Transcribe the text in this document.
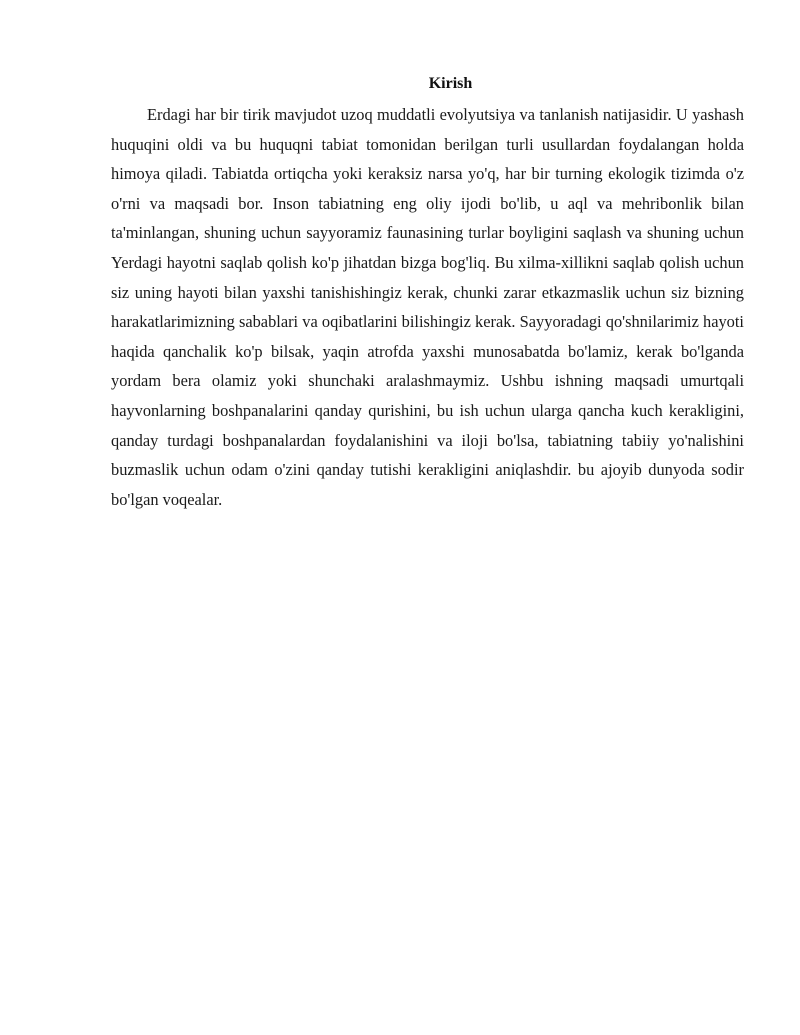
Kirish

Erdagi har bir tirik mavjudot uzoq muddatli evolyutsiya va tanlanish natijasidir. U yashash huquqini oldi va bu huquqni tabiat tomonidan berilgan turli usullardan foydalangan holda himoya qiladi. Tabiatda ortiqcha yoki keraksiz narsa yo'q, har bir turning ekologik tizimda o'z o'rni va maqsadi bor. Inson tabiatning eng oliy ijodi bo'lib, u aql va mehribonlik bilan ta'minlangan, shuning uchun sayyoramiz faunasining turlar boyligini saqlash va shuning uchun Yerdagi hayotni saqlab qolish ko'p jihatdan bizga bog'liq. Bu xilma-xillikni saqlab qolish uchun siz uning hayoti bilan yaxshi tanishishingiz kerak, chunki zarar etkazmaslik uchun siz bizning harakatlarimizning sabablari va oqibatlarini bilishingiz kerak. Sayyoradagi qo'shnilarimiz hayoti haqida qanchalik ko'p bilsak, yaqin atrofda yaxshi munosabatda bo'lamiz, kerak bo'lganda yordam bera olamiz yoki shunchaki aralashmaymiz. Ushbu ishning maqsadi umurtqali hayvonlarning boshpanalarini qanday qurishini, bu ish uchun ularga qancha kuch kerakligini, qanday turdagi boshpanalardan foydalanishini va iloji bo'lsa, tabiatning tabiiy yo'nalishini buzmaslik uchun odam o'zini qanday tutishi kerakligini aniqlashdir. bu ajoyib dunyoda sodir bo'lgan voqealar.
